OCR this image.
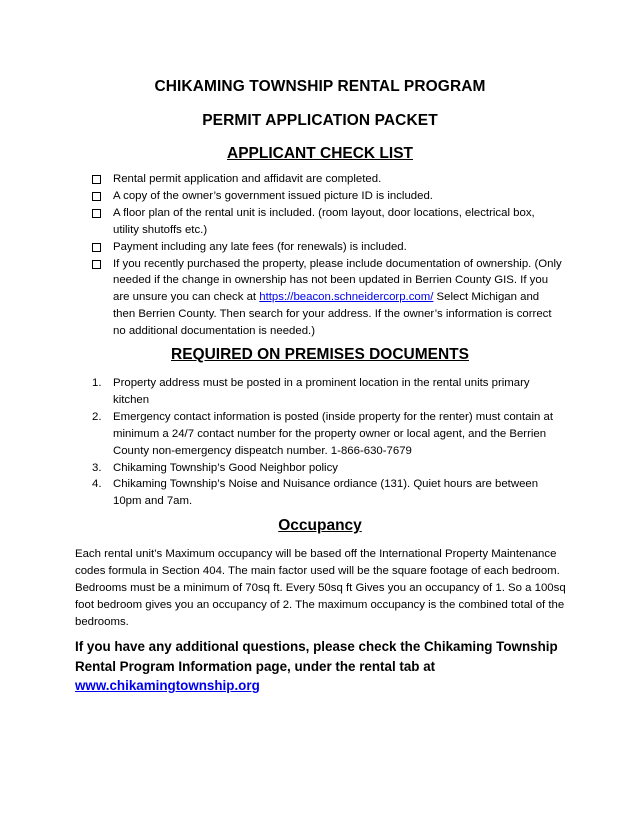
CHIKAMING TOWNSHIP RENTAL PROGRAM
PERMIT APPLICATION PACKET
APPLICANT CHECK LIST
Rental permit application and affidavit are completed.
A copy of the owner’s government issued picture ID is included.
A floor plan of the rental unit is included. (room layout, door locations, electrical box, utility shutoffs etc.)
Payment including any late fees (for renewals) is included.
If you recently purchased the property, please include documentation of ownership. (Only needed if the change in ownership has not been updated in Berrien County GIS. If you are unsure you can check at https://beacon.schneidercorp.com/ Select Michigan and then Berrien County. Then search for your address. If the owner’s information is correct no additional documentation is needed.)
REQUIRED ON PREMISES DOCUMENTS
1. Property address must be posted in a prominent location in the rental units primary kitchen
2. Emergency contact information is posted (inside property for the renter) must contain at minimum a 24/7 contact number for the property owner or local agent, and the Berrien County non-emergency dispeatch number. 1-866-630-7679
3. Chikaming Township’s Good Neighbor policy
4. Chikaming Township’s Noise and Nuisance ordiance (131). Quiet hours are between 10pm and 7am.
Occupancy
Each rental unit’s Maximum occupancy will be based off the International Property Maintenance codes formula in Section 404. The main factor used will be the square footage of each bedroom. Bedrooms must be a minimum of 70sq ft. Every 50sq ft Gives you an occupancy of 1. So a 100sq foot bedroom gives you an occupancy of 2. The maximum occupancy is the combined total of the bedrooms.
If you have any additional questions, please check the Chikaming Township Rental Program Information page, under the rental tab at
www.chikamingtownship.org
